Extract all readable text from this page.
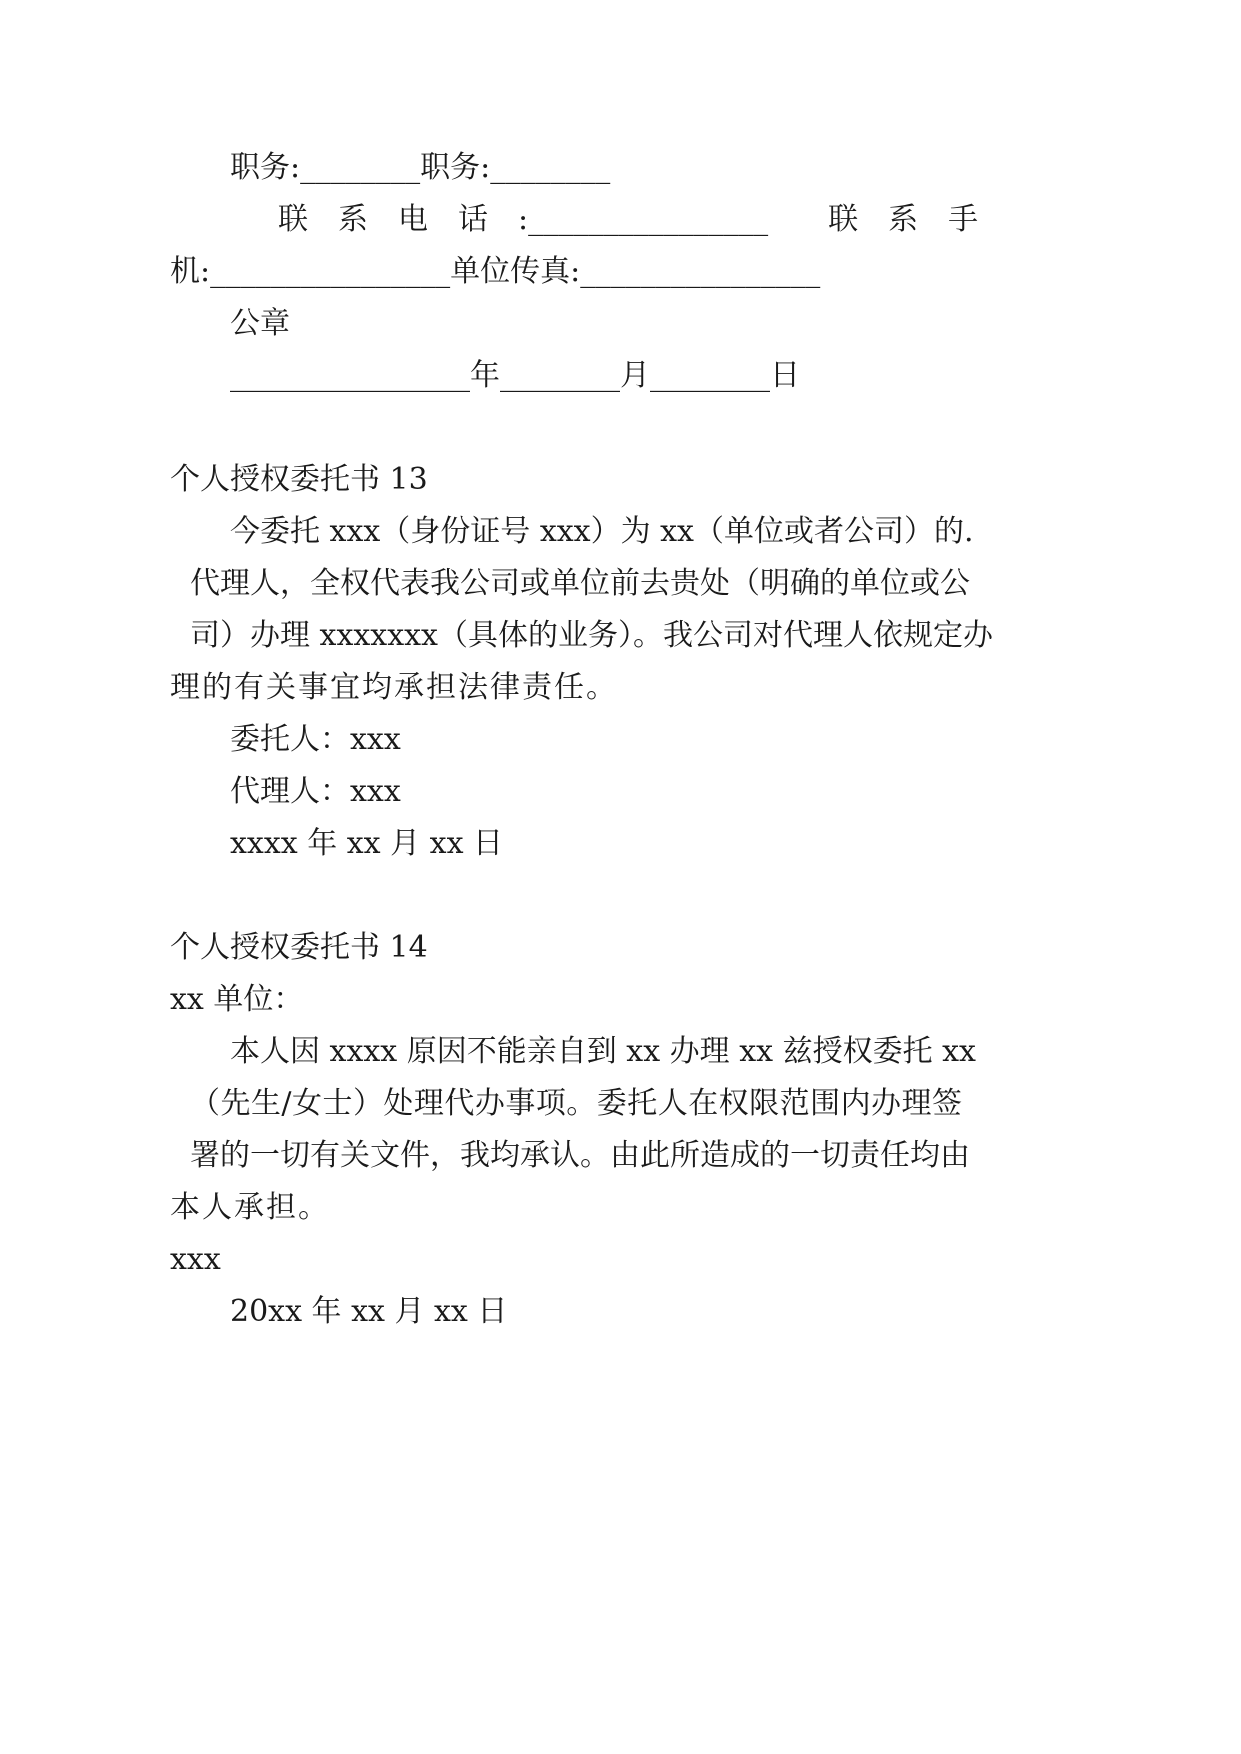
职务:________职务:________
联　系　电　话　:________________　　联　系　手
机:________________单位传真:________________
公章
________________年________月________日
个人授权委托书 13
今委托 xxx（身份证号 xxx）为 xx（单位或者公司）的.
代理人，全权代表我公司或单位前去贵处（明确的单位或公
司）办理 xxxxxxx（具体的业务）。我公司对代理人依规定办
理的有关事宜均承担法律责任。
委托人：xxx
代理人：xxx
xxxx 年 xx 月 xx 日
个人授权委托书 14
xx 单位：
本人因 xxxx 原因不能亲自到 xx 办理 xx 兹授权委托 xx
（先生/女士）处理代办事项。委托人在权限范围内办理签
署的一切有关文件，我均承认。由此所造成的一切责任均由
本人承担。
xxx
20xx 年 xx 月 xx 日
